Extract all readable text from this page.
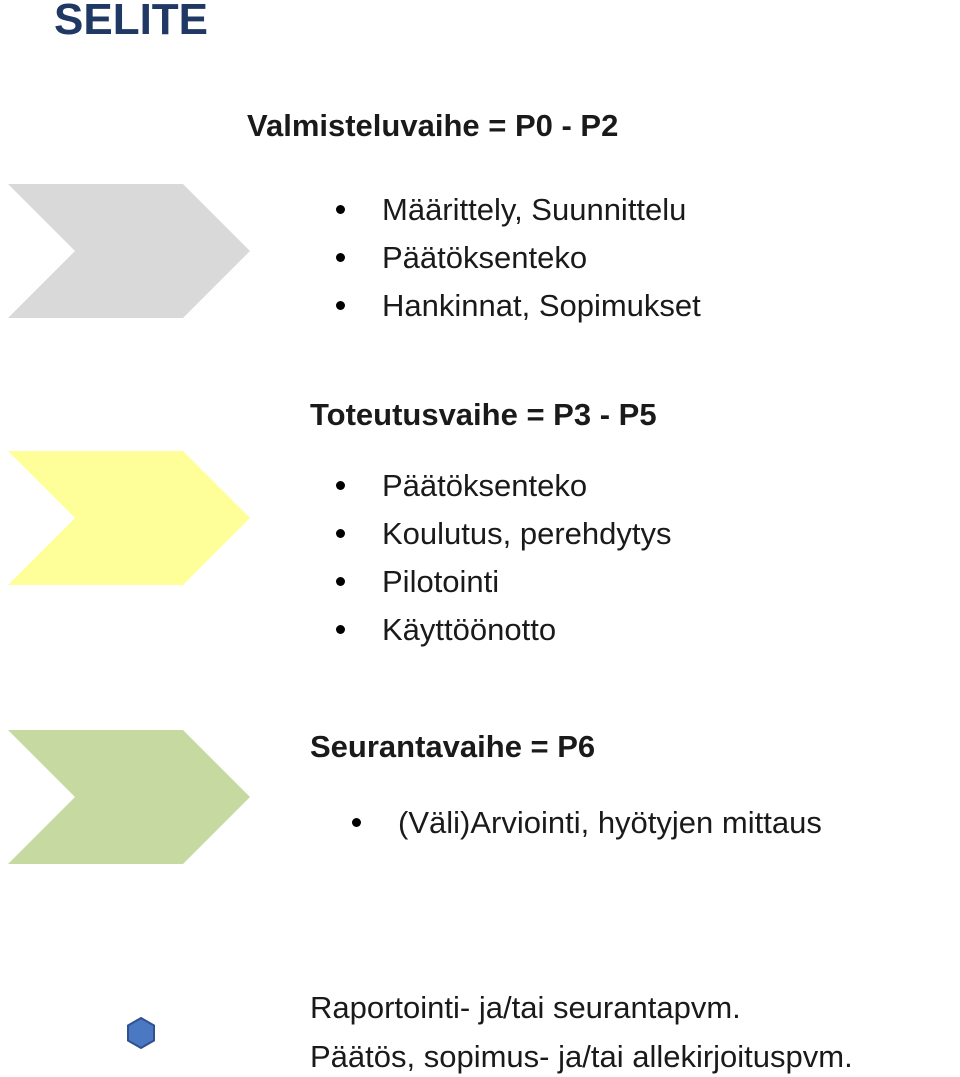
SELITE
Valmisteluvaihe = P0 - P2
Määrittely, Suunnittelu
Päätöksenteko
Hankinnat, Sopimukset
Toteutusvaihe = P3 - P5
Päätöksenteko
Koulutus, perehdytys
Pilotointi
Käyttöönotto
Seurantavaihe = P6
(Väli)Arviointi, hyötyjen mittaus
Raportointi- ja/tai seurantapvm.
Päätös, sopimus- ja/tai allekirjoituspvm.
